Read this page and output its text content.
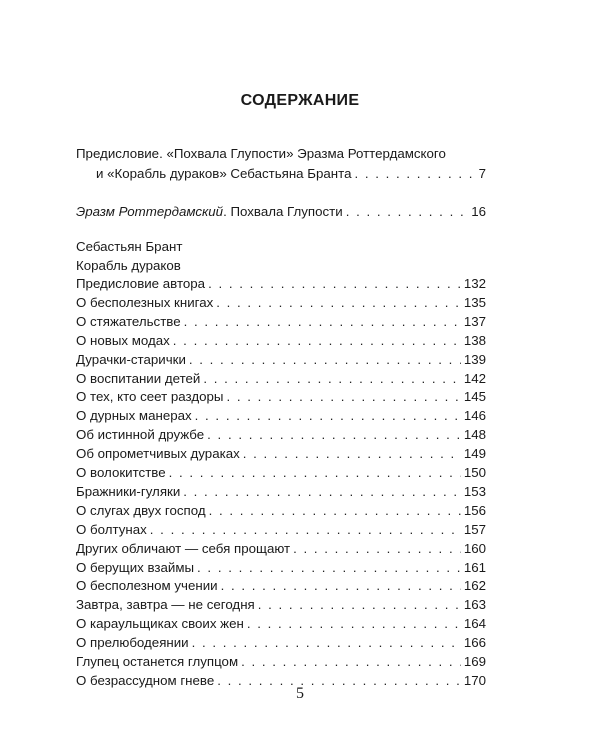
СОДЕРЖАНИЕ
Предисловие. «Похвала Глупости» Эразма Роттердамского
и «Корабль дураков» Себастьяна Бранта . . .	7
Эразм Роттердамский . Похвала Глупости . . .	16
Себастьян Брант
Корабль дураков
Предисловие автора . . .	132
О бесполезных книгах . . .	135
О стяжательстве . . .	137
О новых модах . . .	138
Дурачки-старички . . .	139
О воспитании детей . . .	142
О тех, кто сеет раздоры . . .	145
О дурных манерах . . .	146
Об истинной дружбе . . .	148
Об опрометчивых дураках . . .	149
О волокитстве . . .	150
Бражники-гуляки . . .	153
О слугах двух господ . . .	156
О болтунах . . .	157
Других обличают — себя прощают . . .	160
О берущих взаймы . . .	161
О бесполезном учении . . .	162
Завтра, завтра — не сегодня . . .	163
О караульщиках своих жен . . .	164
О прелюбодеянии . . .	166
Глупец останется глупцом . . .	169
О безрассудном гневе . . .	170
5
